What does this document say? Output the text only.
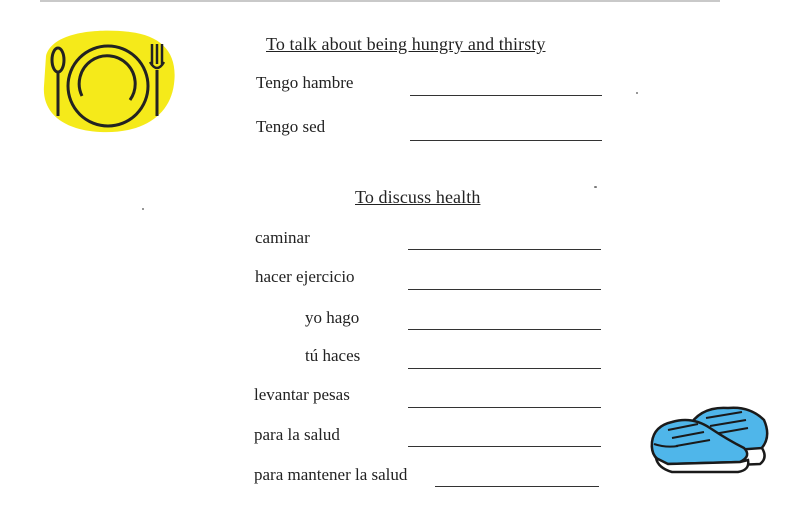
To talk about being hungry and thirsty
Tengo hambre
Tengo sed
To discuss health
caminar
hacer ejercicio
yo hago
tú haces
levantar pesas
para la salud
para mantener la salud
